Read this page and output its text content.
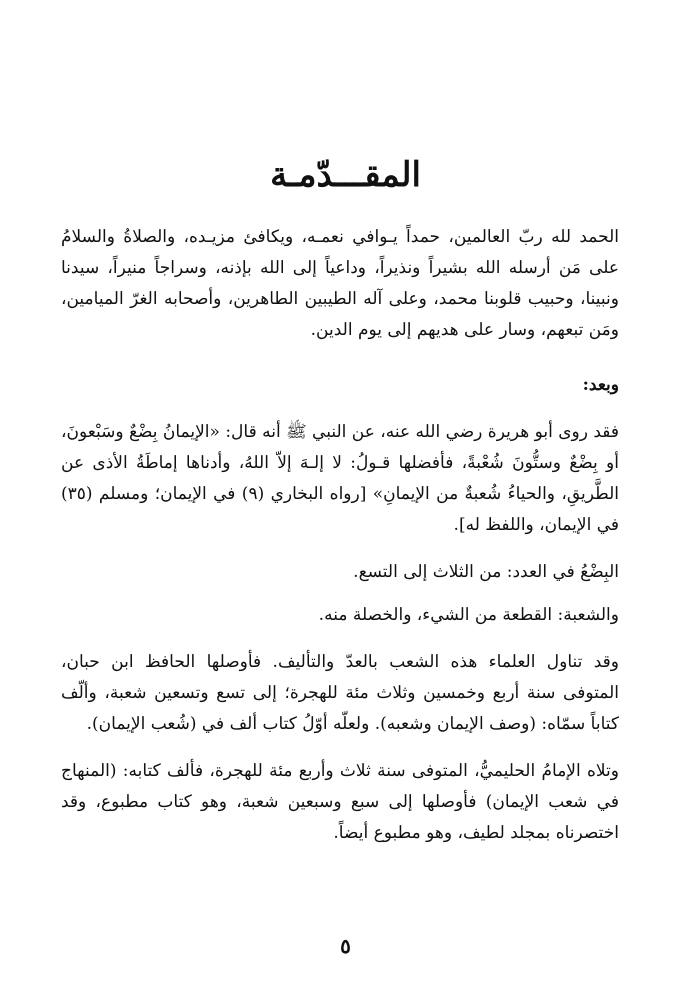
المقـــدّمـة

الحمد لله ربّ العالمين، حمداً يـوافي نعمـه، ويكافئ مزيـده، والصلاةُ والسلامُ على مَن أرسله الله بشيراً ونذيراً، وداعياً إلى الله بإذنه، وسراجاً منيراً، سيدنا ونبينا، وحبيب قلوبنا محمد، وعلى آله الطيبين الطاهرين، وأصحابه الغرّ الميامين، ومَن تبعهم، وسار على هديهم إلى يوم الدين.

وبعد:

فقد روى أبو هريرة رضي الله عنه، عن النبي ﷺ أنه قال: «الإيمانُ بِضْعٌ وسَبْعونَ، أو بِضْعٌ وستُّونَ شُعْبةً، فأفضلها قـولُ: لا إلـهَ إلاّ اللهُ، وأدناها إماطَةُ الأذى عن الطَّريقِ، والحياءُ شُعبةٌ من الإيمانِ» [رواه البخاري (٩) في الإيمان؛ ومسلم (٣٥) في الإيمان، واللفظ له].

البِضْعُ في العدد: من الثلاث إلى التسع.

والشعبة: القطعة من الشيء، والخصلة منه.

وقد تناول العلماء هذه الشعب بالعدّ والتأليف. فأوصلها الحافظ ابن حبان، المتوفى سنة أربع وخمسين وثلاث مئة للهجرة؛ إلى تسع وتسعين شعبة، وألّف كتاباً سمّاه: (وصف الإيمان وشعبه). ولعلّه أوّلُ كتاب ألف في (شُعب الإيمان).

وتلاه الإمامُ الحليميُّ، المتوفى سنة ثلاث وأربع مئة للهجرة، فألف كتابه: (المنهاج في شعب الإيمان) فأوصلها إلى سبع وسبعين شعبة، وهو كتاب مطبوع، وقد اختصرناه بمجلد لطيف، وهو مطبوع أيضاً.

٥
